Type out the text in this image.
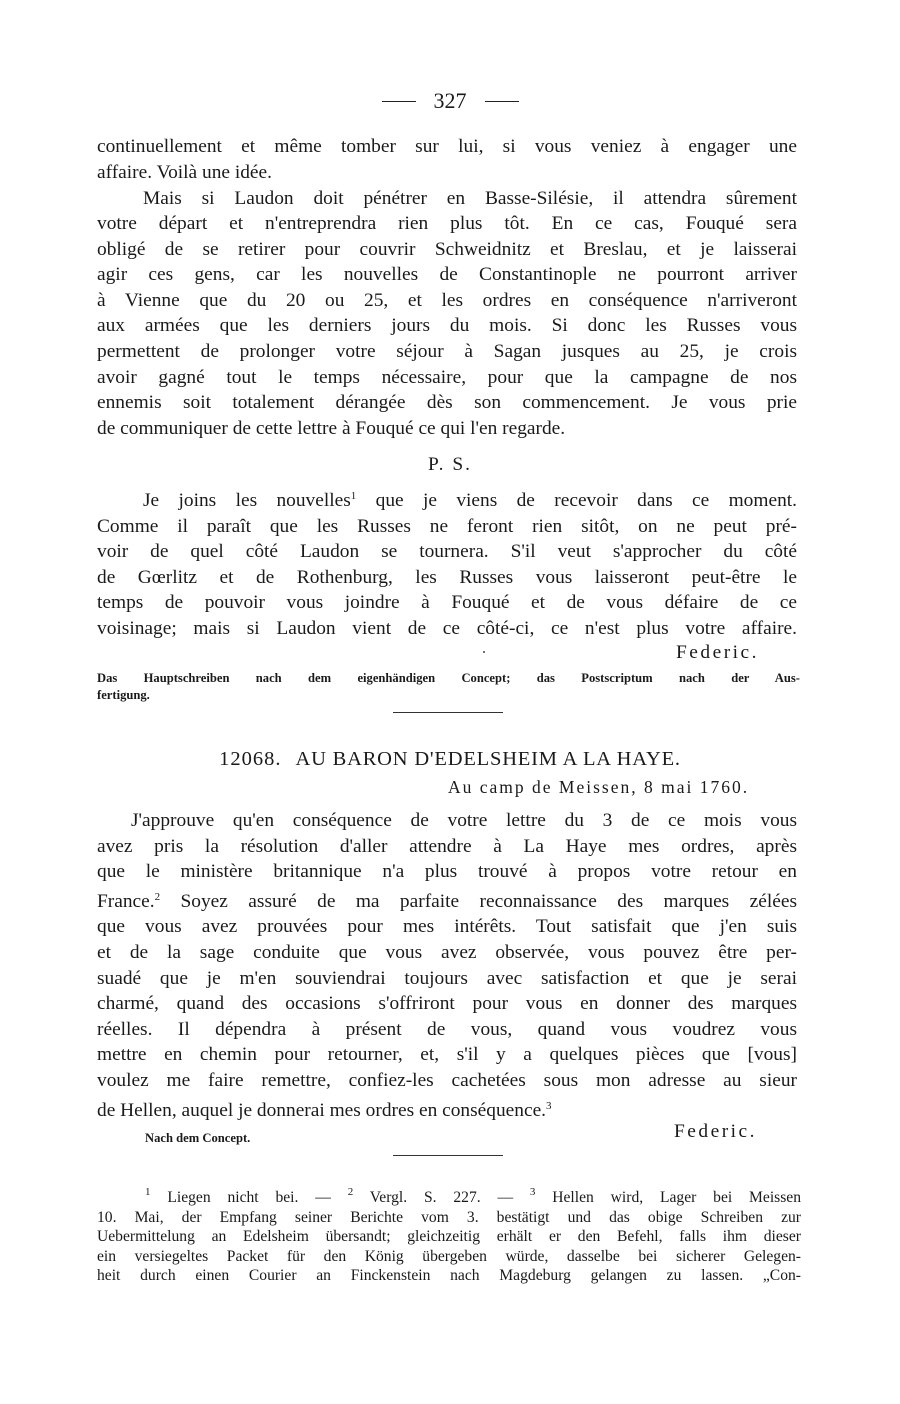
327
continuellement et même tomber sur lui, si vous veniez à engager une
affaire. Voilà une idée.
Mais si Laudon doit pénétrer en Basse-Silésie, il attendra sûrement
votre départ et n'entreprendra rien plus tôt. En ce cas, Fouqué sera
obligé de se retirer pour couvrir Schweidnitz et Breslau, et je laisserai
agir ces gens, car les nouvelles de Constantinople ne pourront arriver
à Vienne que du 20 ou 25, et les ordres en conséquence n'arriveront
aux armées que les derniers jours du mois. Si donc les Russes vous
permettent de prolonger votre séjour à Sagan jusques au 25, je crois
avoir gagné tout le temps nécessaire, pour que la campagne de nos
ennemis soit totalement dérangée dès son commencement. Je vous prie
de communiquer de cette lettre à Fouqué ce qui l'en regarde.
P. S.
Je joins les nouvelles$^1$ que je viens de recevoir dans ce moment.
Comme il paraît que les Russes ne feront rien sitôt, on ne peut pré-
voir de quel côté Laudon se tournera. S'il veut s'approcher du côté
de Gœrlitz et de Rothenburg, les Russes vous laisseront peut-être le
temps de pouvoir vous joindre à Fouqué et de vous défaire de ce
voisinage; mais si Laudon vient de ce côté-ci, ce n'est plus votre affaire.
Federic.
Das Hauptschreiben nach dem eigenhändigen Concept; das Postscriptum nach der Aus-
fertigung.
12068. AU BARON D'EDELSHEIM A LA HAYE.
Au camp de Meissen, 8 mai 1760.
J'approuve qu'en conséquence de votre lettre du 3 de ce mois vous
avez pris la résolution d'aller attendre à La Haye mes ordres, après
que le ministère britannique n'a plus trouvé à propos votre retour en
France.$^2$ Soyez assuré de ma parfaite reconnaissance des marques zélées
que vous avez prouvées pour mes intérêts. Tout satisfait que j'en suis
et de la sage conduite que vous avez observée, vous pouvez être per-
suadé que je m'en souviendrai toujours avec satisfaction et que je serai
charmé, quand des occasions s'offriront pour vous en donner des marques
réelles. Il dépendra à présent de vous, quand vous voudrez vous
mettre en chemin pour retourner, et, s'il y a quelques pièces que [vous]
voulez me faire remettre, confiez-les cachetées sous mon adresse au sieur
de Hellen, auquel je donnerai mes ordres en conséquence.$^3$
Nach dem Concept.	Federic.
$^1$ Liegen nicht bei. — $^2$ Vergl. S. 227. — $^3$ Hellen wird, Lager bei Meissen
10. Mai, der Empfang seiner Berichte vom 3. bestätigt und das obige Schreiben zur
Uebermittelung an Edelsheim übersandt; gleichzeitig erhält er den Befehl, falls ihm dieser
ein versiegeltes Packet für den König übergeben würde, dasselbe bei sicherer Gelegen-
heit durch einen Courier an Finckenstein nach Magdeburg gelangen zu lassen. „Con-
